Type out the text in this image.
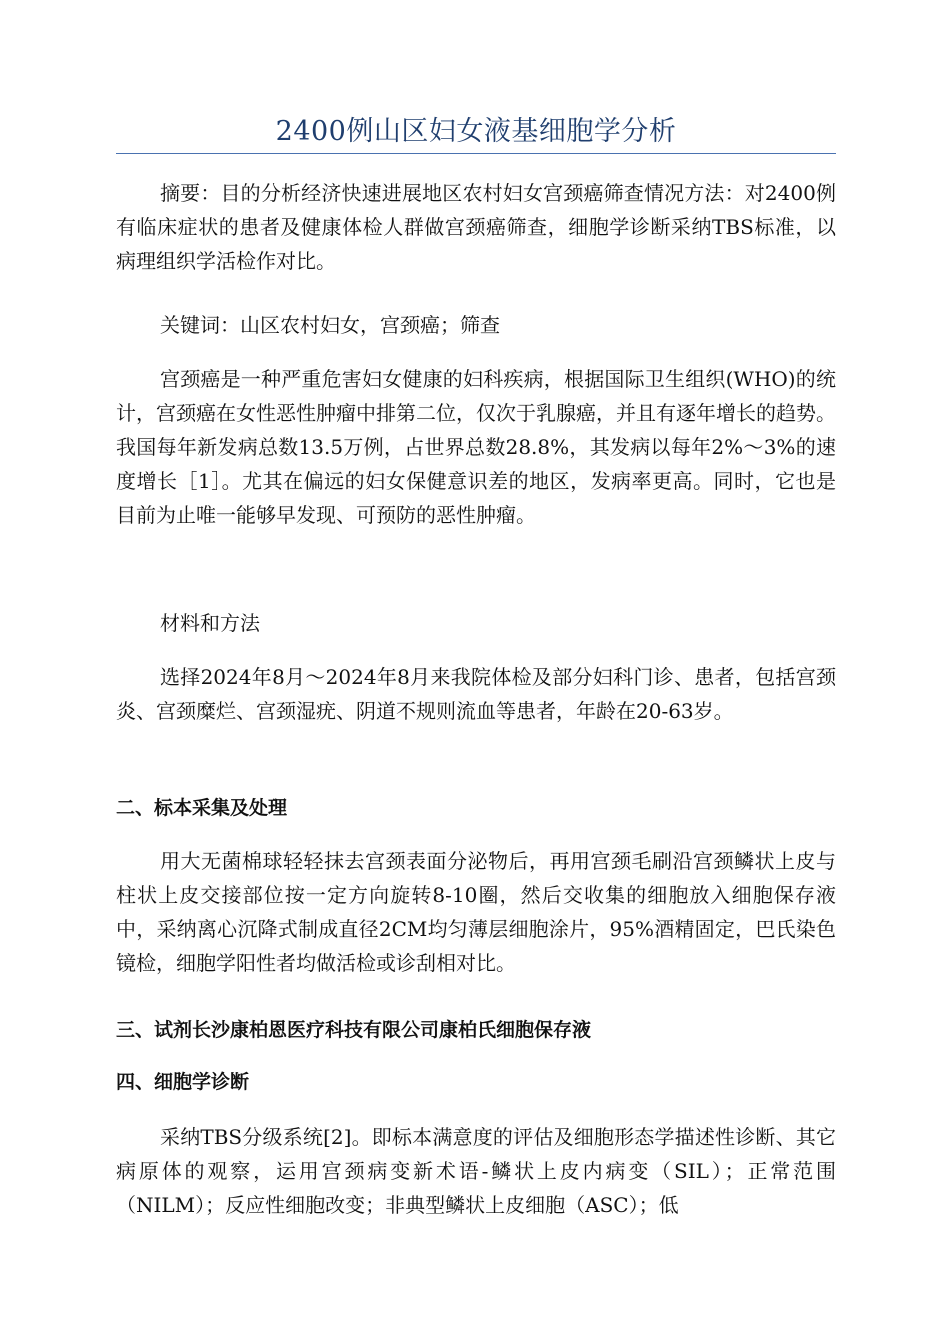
2400例山区妇女液基细胞学分析

摘要：目的分析经济快速进展地区农村妇女宫颈癌筛查情况方法：对2400例有临床症状的患者及健康体检人群做宫颈癌筛查，细胞学诊断采纳TBS标准，以病理组织学活检作对比。

关键词：山区农村妇女，宫颈癌；筛查

宫颈癌是一种严重危害妇女健康的妇科疾病，根据国际卫生组织(WHO)的统计，宫颈癌在女性恶性肿瘤中排第二位，仅次于乳腺癌，并且有逐年增长的趋势。我国每年新发病总数13.5万例，占世界总数28.8%，其发病以每年2%～3%的速度增长［1］。尤其在偏远的妇女保健意识差的地区，发病率更高。同时，它也是目前为止唯一能够早发现、可预防的恶性肿瘤。

材料和方法

选择2024年8月～2024年8月来我院体检及部分妇科门诊、患者，包括宫颈炎、宫颈糜烂、宫颈湿疣、阴道不规则流血等患者，年龄在20-63岁。

二、标本采集及处理

用大无菌棉球轻轻抹去宫颈表面分泌物后，再用宫颈毛刷沿宫颈鳞状上皮与柱状上皮交接部位按一定方向旋转8-10圈，然后交收集的细胞放入细胞保存液中，采纳离心沉降式制成直径2CM均匀薄层细胞涂片，95%酒精固定，巴氏染色镜检，细胞学阳性者均做活检或诊刮相对比。

三、试剂长沙康柏恩医疗科技有限公司康柏氏细胞保存液
四、细胞学诊断

采纳TBS分级系统[2]。即标本满意度的评估及细胞形态学描述性诊断、其它病原体的观察，运用宫颈病变新术语-鳞状上皮内病变（SIL）；正常范围（NILM）；反应性细胞改变；非典型鳞状上皮细胞（ASC）；低
